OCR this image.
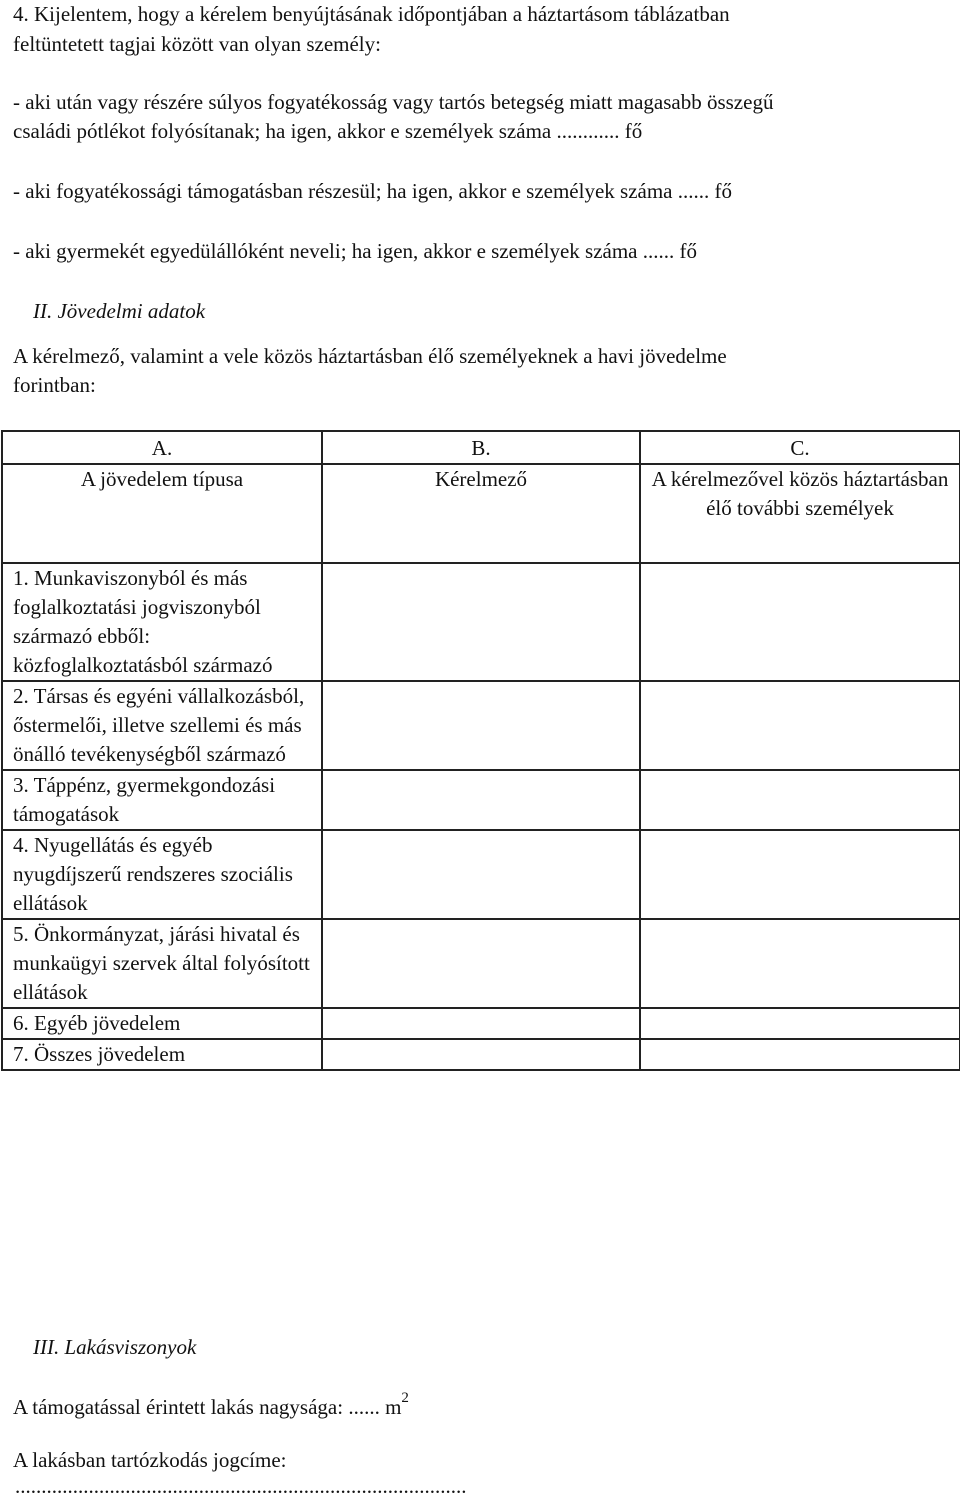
4. Kijelentem, hogy a kérelem benyújtásának időpontjában a háztartásom táblázatban
feltüntetett tagjai között van olyan személy:
- aki után vagy részére súlyos fogyatékosság vagy tartós betegség miatt magasabb összegű
családi pótlékot folyósítanak; ha igen, akkor e személyek száma ............ fő
- aki fogyatékossági támogatásban részesül; ha igen, akkor e személyek száma ...... fő
- aki gyermekét egyedülállóként neveli; ha igen, akkor e személyek száma ...... fő
II. Jövedelmi adatok
A kérelmező, valamint a vele közös háztartásban élő személyeknek a havi jövedelme
forintban:
A.	B.	C.
A jövedelem típusa	Kérelmező	A kérelmezővel közös háztartásban élő további személyek
1. Munkaviszonyból és más foglalkoztatási jogviszonyból származó ebből: közfoglalkoztatásból származó		
2. Társas és egyéni vállalkozásból, őstermelői, illetve szellemi és más önálló tevékenységből származó		
3. Táppénz, gyermekgondozási támogatások		
4. Nyugellátás és egyéb nyugdíjszerű rendszeres szociális ellátások		
5. Önkormányzat, járási hivatal és munkaügyi szervek által folyósított ellátások		
6. Egyéb jövedelem		
7. Összes jövedelem		
III. Lakásviszonyok
A támogatással érintett lakás nagysága: ...... $m^2$
A lakásban tartózkodás jogcíme:
......................................................................................
